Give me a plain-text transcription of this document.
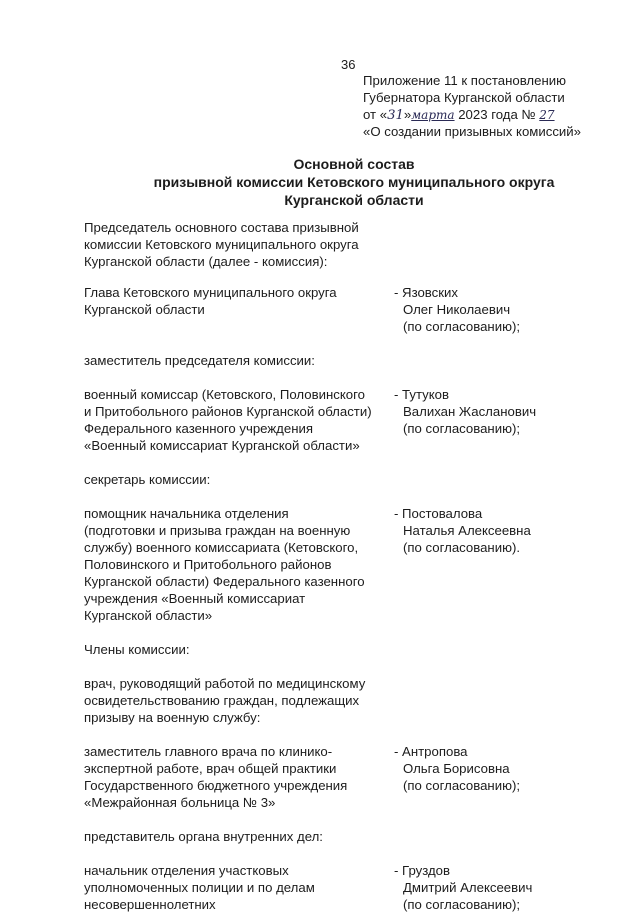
36
Приложение 11 к постановлению
Губернатора Курганской области
от «31»марта 2023 года № 27
«О создании призывных комиссий»
Основной состав
призывной комиссии Кетовского муниципального округа
Курганской области
Председатель основного состава призывной
комиссии Кетовского муниципального округа
Курганской области (далее - комиссия):
Глава Кетовского муниципального округа
Курганской области
- Язовских
Олег Николаевич
(по согласованию);
заместитель председателя комиссии:
военный комиссар (Кетовского, Половинского
и Притобольного районов Курганской области)
Федерального казенного учреждения
«Военный комиссариат Курганской области»
- Тутуков
Валихан Жасланович
(по согласованию);
секретарь комиссии:
помощник начальника отделения
(подготовки и призыва граждан на военную
службу) военного комиссариата (Кетовского,
Половинского и Притобольного районов
Курганской области) Федерального казенного
учреждения «Военный комиссариат
Курганской области»
- Постовалова
Наталья Алексеевна
(по согласованию).
Члены комиссии:
врач, руководящий работой по медицинскому
освидетельствованию граждан, подлежащих
призыву на военную службу:
заместитель главного врача по клинико-
экспертной работе, врач общей практики
Государственного бюджетного учреждения
«Межрайонная больница № 3»
- Антропова
Ольга Борисовна
(по согласованию);
представитель органа внутренних дел:
начальник отделения участковых
уполномоченных полиции и по делам
несовершеннолетних
- Груздов
Дмитрий Алексеевич
(по согласованию);
